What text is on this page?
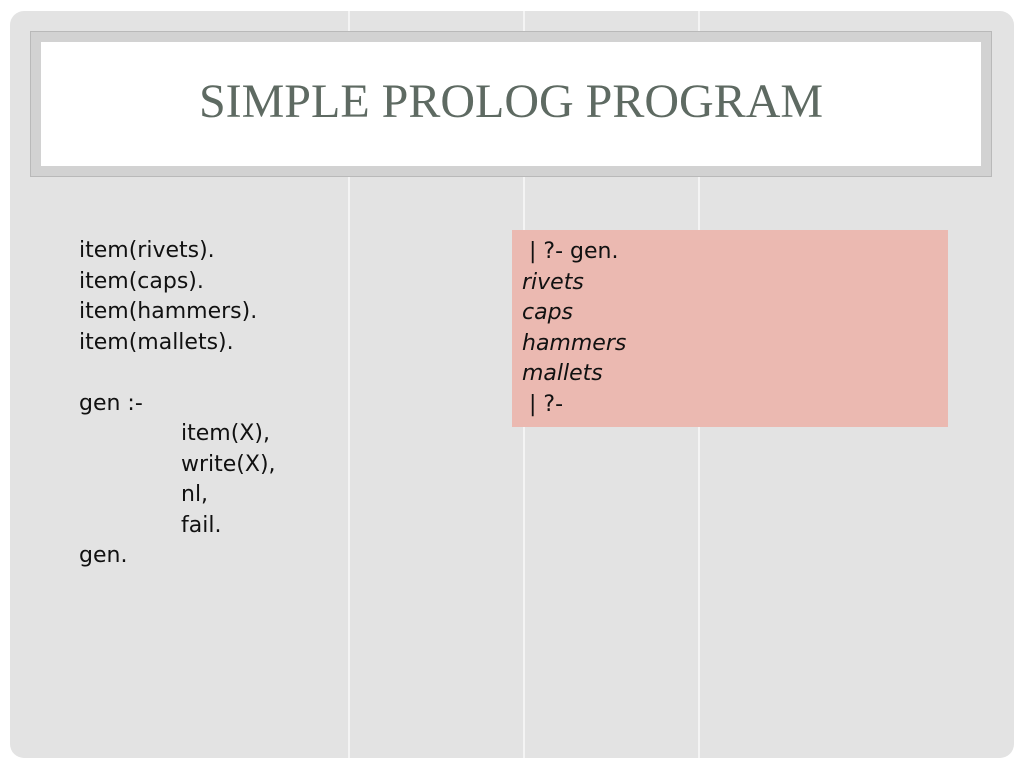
SIMPLE PROLOG PROGRAM
item(rivets).
item(caps).
item(hammers).
item(mallets).
gen :-
item(X),
write(X),
nl,
fail.
gen.
| ?- gen.
rivets
caps
hammers
mallets
| ?-
